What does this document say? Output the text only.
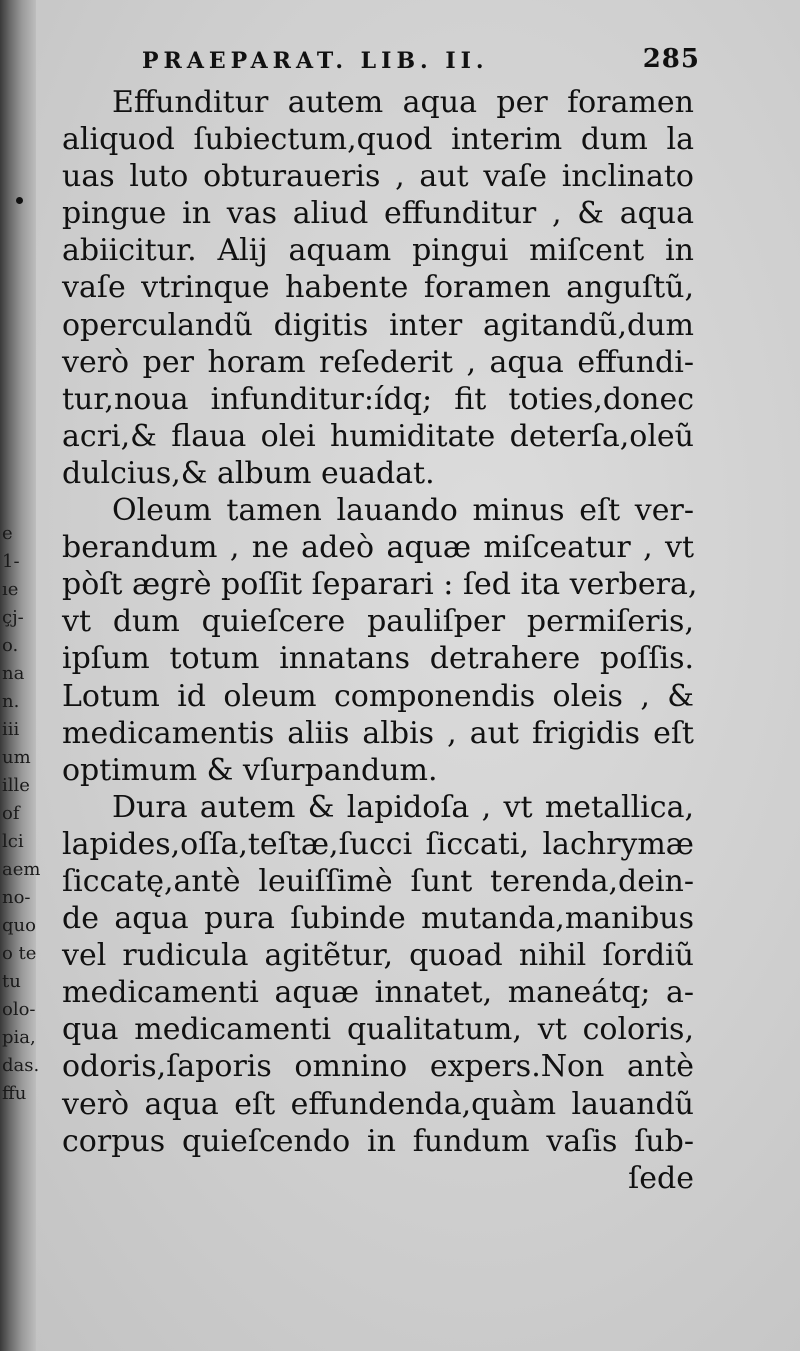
e
1-
ıe
çj-
o.
na
n.
iii
um
ille
of
lci
aem
no-
quo
o te
tu
olo-
pia,
das.
ffu
PRAEPARAT. LIB. II.	285
Effunditur autem aqua per foramen
aliquod ſubiectum,quod interim dum la
uas luto obturaueris , aut vaſe inclinato
pingue in vas aliud effunditur , & aqua
abiicitur. Alij aquam pingui miſcent in
vaſe vtrinque habente foramen anguſtũ,
operculandũ digitis inter agitandũ,dum
verò per horam reſederit , aqua effundi-
tur,noua infunditur:ídq; fit toties,donec
acri,& flaua olei humiditate deterſa,oleũ
dulcius,& album euadat.
Oleum tamen lauando minus eſt ver-
berandum , ne adeò aquæ miſceatur , vt
pòſt ægrè poſſit ſeparari : ſed ita verbera,
vt dum quieſcere pauliſper permiſeris,
ipſum totum innatans detrahere poſſis.
Lotum id oleum componendis oleis , &
medicamentis aliis albis , aut frigidis eſt
optimum & vſurpandum.
Dura autem & lapidoſa , vt metallica,
lapides,oſſa,teſtæ,ſucci ſiccati, lachrymæ
ſiccatę,antè leuiſſimè ſunt terenda,dein-
de aqua pura ſubinde mutanda,manibus
vel rudicula agitẽtur, quoad nihil ſordiũ
medicamenti aquæ innatet, maneátq; a-
qua medicamenti qualitatum, vt coloris,
odoris,ſaporis omnino expers.Non antè
verò aqua eſt effundenda,quàm lauandũ
corpus quieſcendo in fundum vaſis ſub-
ſede
